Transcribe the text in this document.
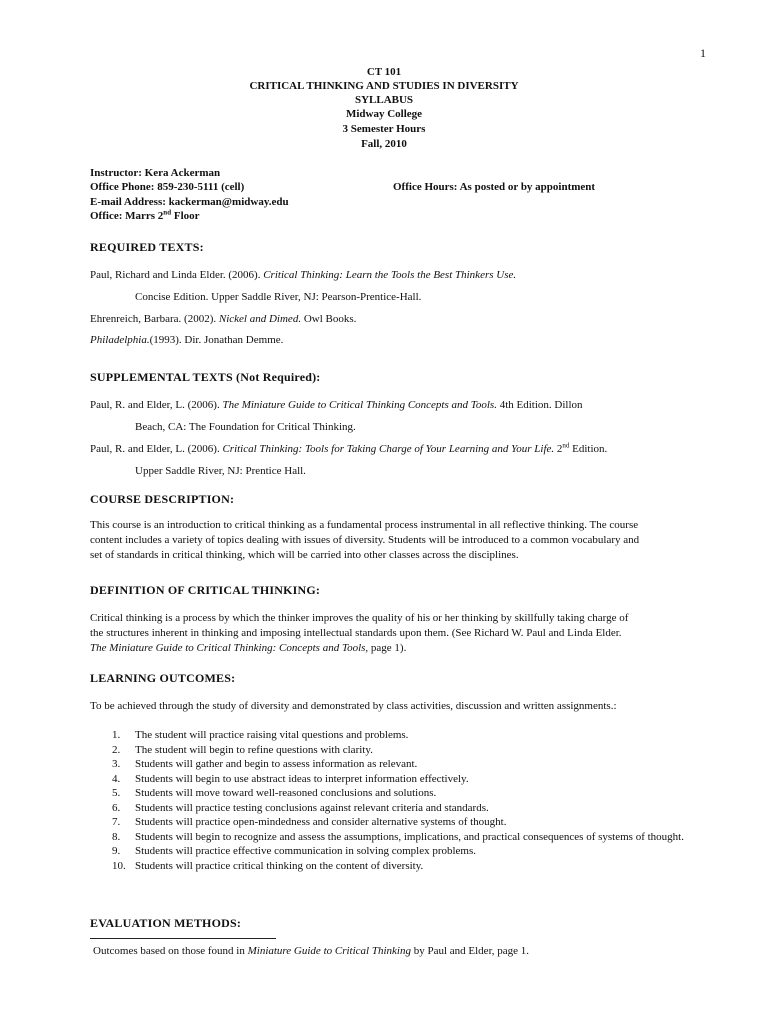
1
CT 101
CRITICAL THINKING AND STUDIES IN DIVERSITY
SYLLABUS
Midway College
3 Semester Hours
Fall, 2010
Instructor: Kera Ackerman
Office Phone: 859-230-5111 (cell)	Office Hours: As posted or by appointment
E-mail Address: kackerman@midway.edu
Office: Marrs 2nd Floor
REQUIRED TEXTS:
Paul, Richard and Linda Elder. (2006). Critical Thinking: Learn the Tools the Best Thinkers Use.
Concise Edition. Upper Saddle River, NJ: Pearson-Prentice-Hall.
Ehrenreich, Barbara. (2002). Nickel and Dimed. Owl Books.
Philadelphia.(1993). Dir. Jonathan Demme.
SUPPLEMENTAL TEXTS (Not Required):
Paul, R. and Elder, L. (2006). The Miniature Guide to Critical Thinking Concepts and Tools. 4th Edition. Dillon
Beach, CA: The Foundation for Critical Thinking.
Paul, R. and Elder, L. (2006). Critical Thinking: Tools for Taking Charge of Your Learning and Your Life. 2nd Edition.
Upper Saddle River, NJ: Prentice Hall.
COURSE DESCRIPTION:
This course is an introduction to critical thinking as a fundamental process instrumental in all reflective thinking. The course
content includes a variety of topics dealing with issues of diversity. Students will be introduced to a common vocabulary and
set of standards in critical thinking, which will be carried into other classes across the disciplines.
DEFINITION OF CRITICAL THINKING:
Critical thinking is a process by which the thinker improves the quality of his or her thinking by skillfully taking charge of
the structures inherent in thinking and imposing intellectual standards upon them. (See Richard W. Paul and Linda Elder.
The Miniature Guide to Critical Thinking: Concepts and Tools, page 1).
LEARNING OUTCOMES:
To be achieved through the study of diversity and demonstrated by class activities, discussion and written assignments.:
1.	The student will practice raising vital questions and problems.
2.	The student will begin to refine questions with clarity.
3.	Students will gather and begin to assess information as relevant.
4.	Students will begin to use abstract ideas to interpret information effectively.
5.	Students will move toward well-reasoned conclusions and solutions.
6.	Students will practice testing conclusions against relevant criteria and standards.
7.	Students will practice open-mindedness and consider alternative systems of thought.
8.	Students will begin to recognize and assess the assumptions, implications, and practical consequences of systems of thought.
9.	Students will practice effective communication in solving complex problems.
10. Students will practice critical thinking on the content of diversity.
EVALUATION METHODS:
Outcomes based on those found in Miniature Guide to Critical Thinking by Paul and Elder, page 1.
